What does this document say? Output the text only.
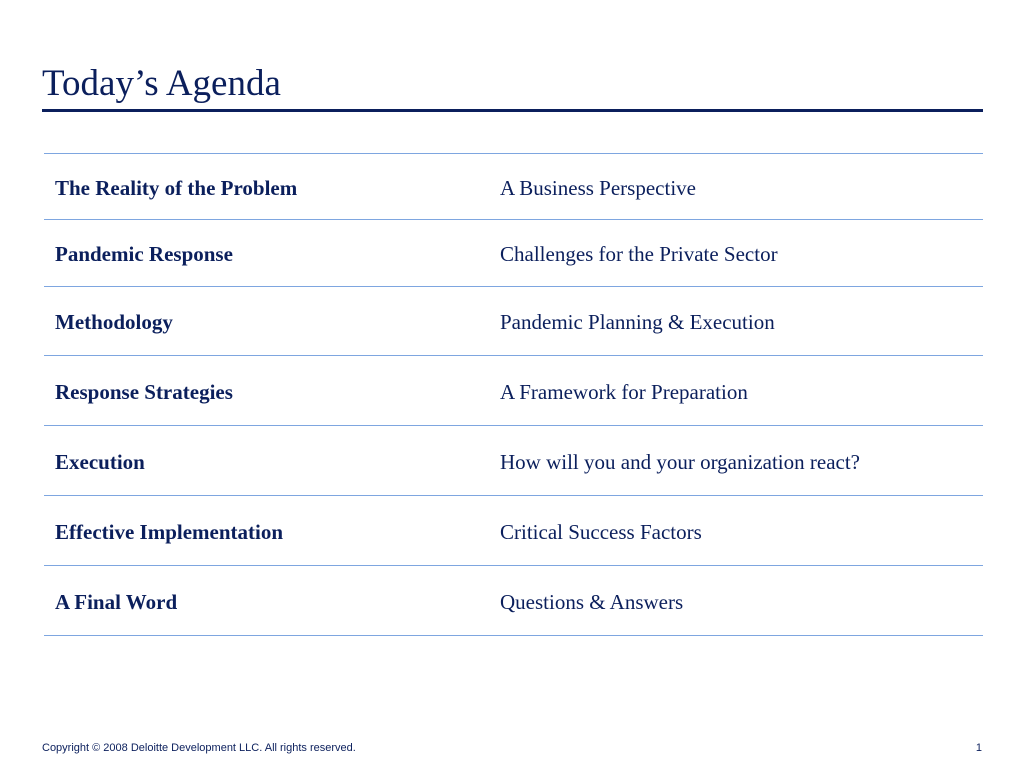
Today’s Agenda
The Reality of the Problem	A Business Perspective
Pandemic Response	Challenges for the Private Sector
Methodology	Pandemic Planning & Execution
Response Strategies	A Framework for Preparation
Execution	How will you and your organization react?
Effective Implementation	Critical Success Factors
A Final Word	Questions & Answers
Copyright © 2008 Deloitte Development LLC. All rights reserved.	1
